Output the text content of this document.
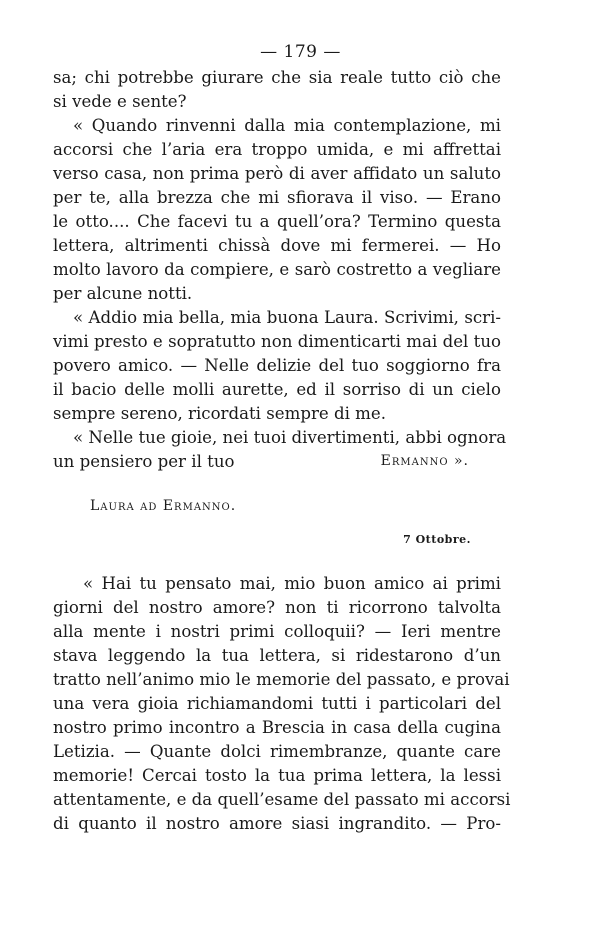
— 179 —
sa; chi potrebbe giurare che sia reale tutto ciò che
si vede e sente?
« Quando rinvenni dalla mia contemplazione, mi
accorsi che l’aria era troppo umida, e mi affrettai
verso casa, non prima però di aver affidato un saluto
per te, alla brezza che mi sfiorava il viso. — Erano
le otto.... Che facevi tu a quell’ora? Termino questa
lettera, altrimenti chissà dove mi fermerei. — Ho
molto lavoro da compiere, e sarò costretto a vegliare
per alcune notti.
« Addio mia bella, mia buona Laura. Scrivimi, scri-
vimi presto e sopratutto non dimenticarti mai del tuo
povero amico. — Nelle delizie del tuo soggiorno fra
il bacio delle molli aurette, ed il sorriso di un cielo
sempre sereno, ricordati sempre di me.
« Nelle tue gioie, nei tuoi divertimenti, abbi ognora
un pensiero per il tuo	Ermanno ».
Laura ad Ermanno.
7 Ottobre.
« Hai tu pensato mai, mio buon amico ai primi
giorni del nostro amore? non ti ricorrono talvolta
alla mente i nostri primi colloquii? — Ieri mentre
stava leggendo la tua lettera, si ridestarono d’un
tratto nell’animo mio le memorie del passato, e provai
una vera gioia richiamandomi tutti i particolari del
nostro primo incontro a Brescia in casa della cugina
Letizia. — Quante dolci rimembranze, quante care
memorie! Cercai tosto la tua prima lettera, la lessi
attentamente, e da quell’esame del passato mi accorsi
di quanto il nostro amore siasi ingrandito. — Pro-
